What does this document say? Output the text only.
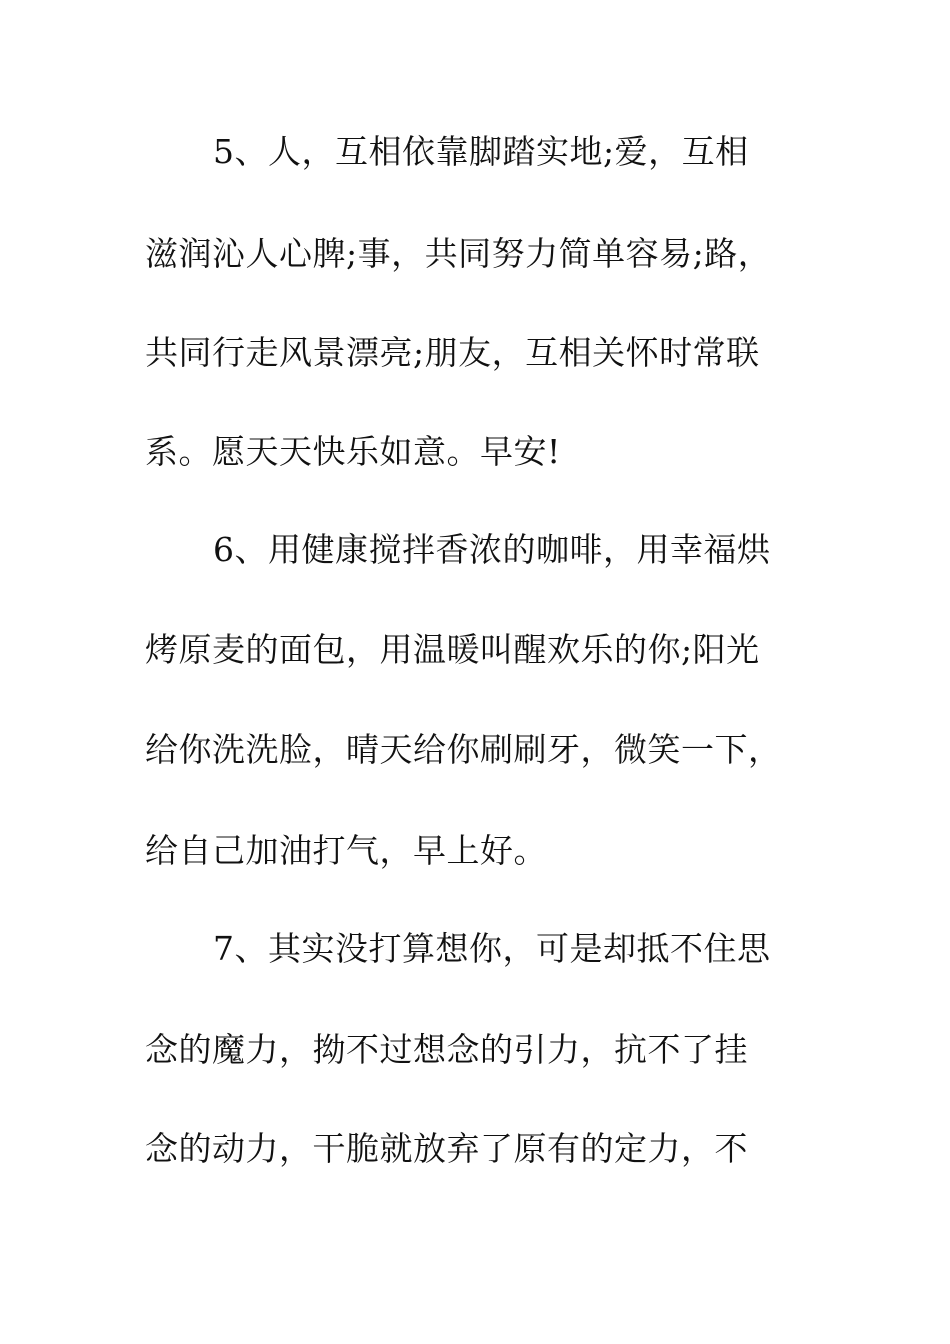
5、人，互相依靠脚踏实地;爱，互相
滋润沁人心脾;事，共同努力简单容易;路，
共同行走风景漂亮;朋友，互相关怀时常联
系。愿天天快乐如意。早安!
6、用健康搅拌香浓的咖啡，用幸福烘
烤原麦的面包，用温暖叫醒欢乐的你;阳光
给你洗洗脸，晴天给你刷刷牙，微笑一下，
给自己加油打气，早上好。
7、其实没打算想你，可是却抵不住思
念的魔力，拗不过想念的引力，抗不了挂
念的动力，干脆就放弃了原有的定力，不
